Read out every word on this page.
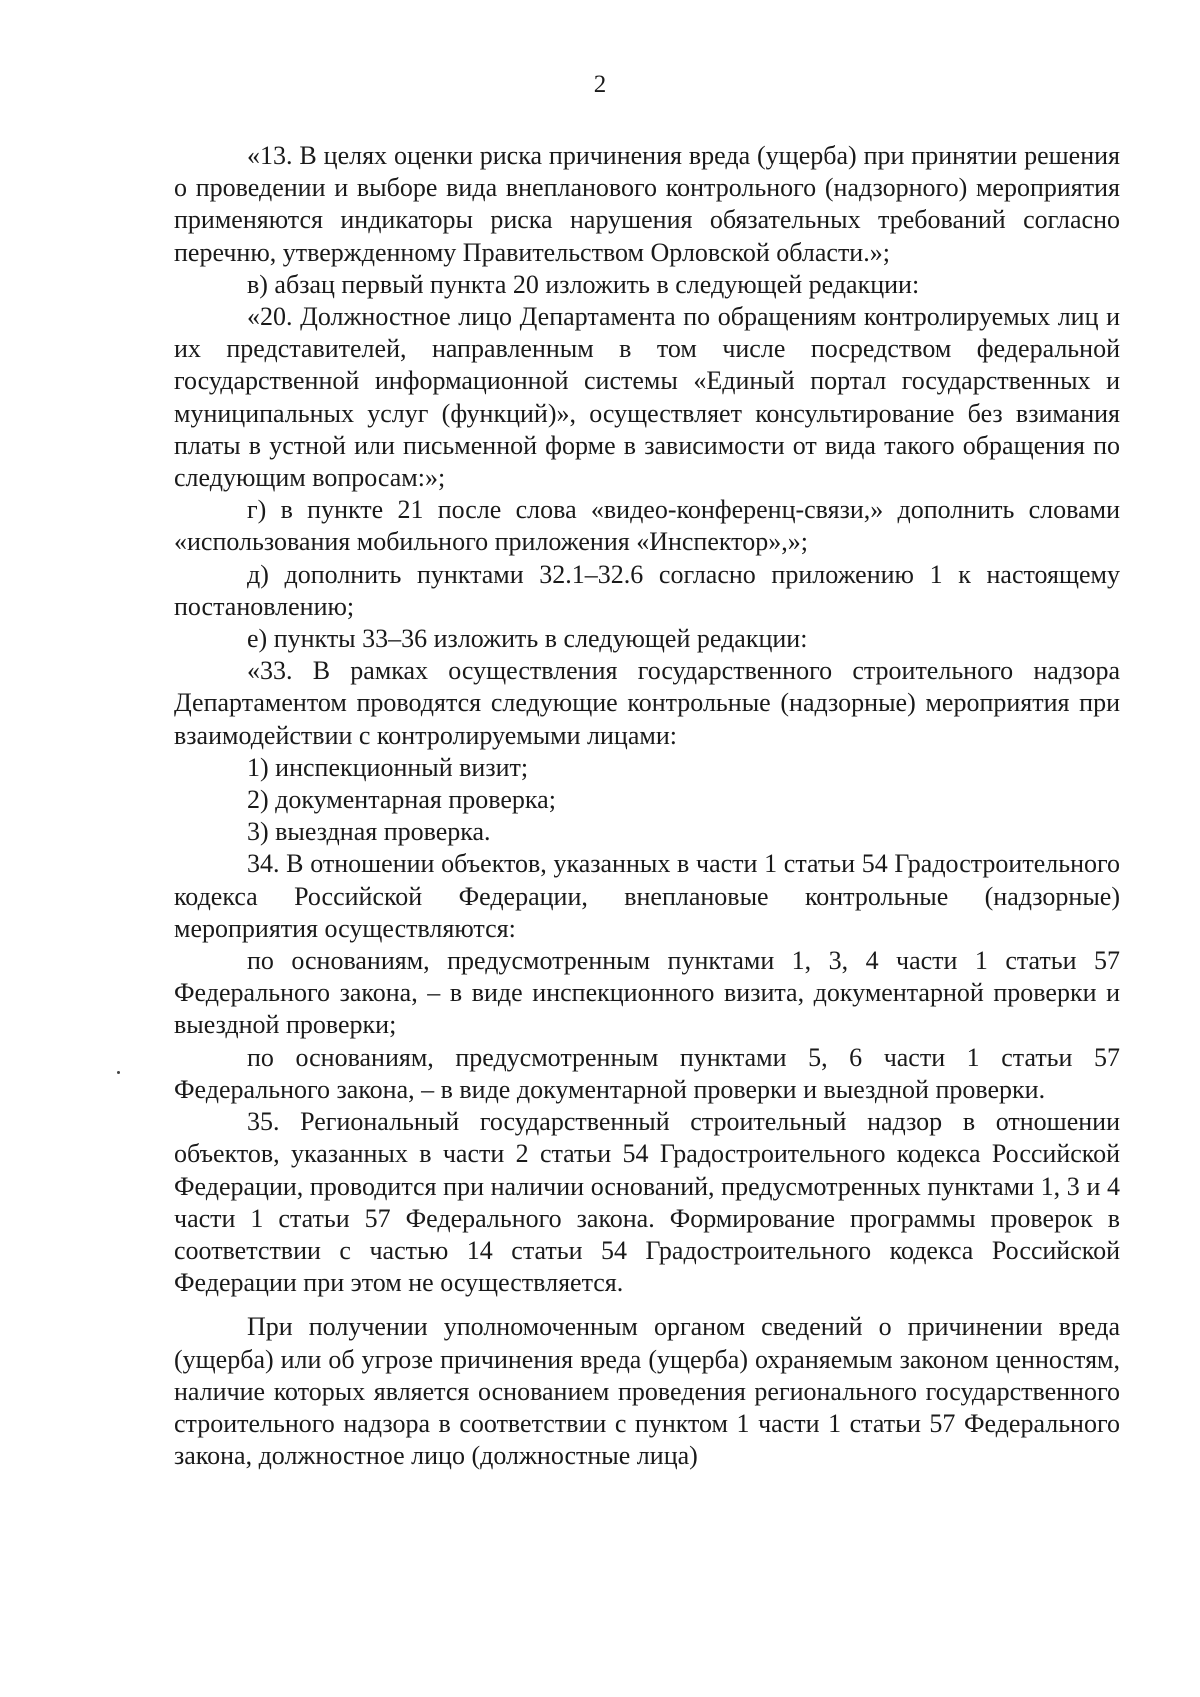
2

«13. В целях оценки риска причинения вреда (ущерба) при принятии решения о проведении и выборе вида внепланового контрольного (надзорного) мероприятия применяются индикаторы риска нарушения обязательных требований согласно перечню, утвержденному Правительством Орловской области.»;

в) абзац первый пункта 20 изложить в следующей редакции:

«20. Должностное лицо Департамента по обращениям контролируемых лиц и их представителей, направленным в том числе посредством федеральной государственной информационной системы «Единый портал государственных и муниципальных услуг (функций)», осуществляет консультирование без взимания платы в устной или письменной форме в зависимости от вида такого обращения по следующим вопросам:»;

г) в пункте 21 после слова «видео-конференц-связи,» дополнить словами «использования мобильного приложения «Инспектор»,»;

д) дополнить пунктами 32.1–32.6 согласно приложению 1 к настоящему постановлению;

е) пункты 33–36 изложить в следующей редакции:

«33. В рамках осуществления государственного строительного надзора Департаментом проводятся следующие контрольные (надзорные) мероприятия при взаимодействии с контролируемыми лицами:

1) инспекционный визит;

2) документарная проверка;

3) выездная проверка.

34. В отношении объектов, указанных в части 1 статьи 54 Градостроительного кодекса Российской Федерации, внеплановые контрольные (надзорные) мероприятия осуществляются:

по основаниям, предусмотренным пунктами 1, 3, 4 части 1 статьи 57 Федерального закона, – в виде инспекционного визита, документарной проверки и выездной проверки;

по основаниям, предусмотренным пунктами 5, 6 части 1 статьи 57 Федерального закона, – в виде документарной проверки и выездной проверки.

35. Региональный государственный строительный надзор в отношении объектов, указанных в части 2 статьи 54 Градостроительного кодекса Российской Федерации, проводится при наличии оснований, предусмотренных пунктами 1, 3 и 4 части 1 статьи 57 Федерального закона. Формирование программы проверок в соответствии с частью 14 статьи 54 Градостроительного кодекса Российской Федерации при этом не осуществляется.

При получении уполномоченным органом сведений о причинении вреда (ущерба) или об угрозе причинения вреда (ущерба) охраняемым законом ценностям, наличие которых является основанием проведения регионального государственного строительного надзора в соответствии с пунктом 1 части 1 статьи 57 Федерального закона, должностное лицо (должностные лица)
